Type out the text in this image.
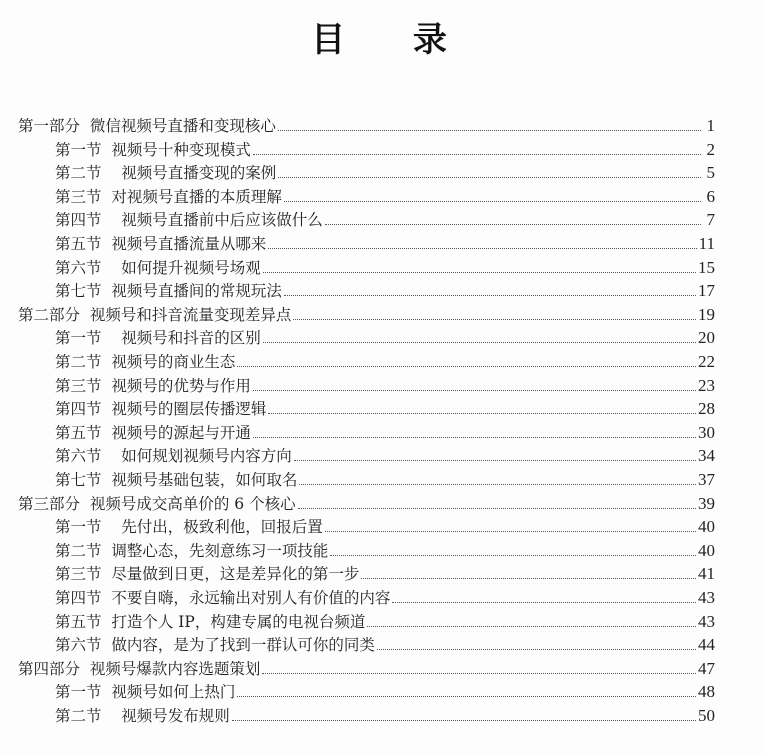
目 录
第一部分  微信视频号直播和变现核心	1
第一节  视频号十种变现模式	2
第二节    视频号直播变现的案例	5
第三节  对视频号直播的本质理解	6
第四节    视频号直播前中后应该做什么	7
第五节  视频号直播流量从哪来	11
第六节    如何提升视频号场观	15
第七节  视频号直播间的常规玩法	17
第二部分  视频号和抖音流量变现差异点	19
第一节    视频号和抖音的区别	20
第二节  视频号的商业生态	22
第三节  视频号的优势与作用	23
第四节  视频号的圈层传播逻辑	28
第五节  视频号的源起与开通	30
第六节    如何规划视频号内容方向	34
第七节  视频号基础包装，如何取名	37
第三部分  视频号成交高单价的 6 个核心	39
第一节    先付出，极致利他，回报后置	40
第二节  调整心态，先刻意练习一项技能	40
第三节  尽量做到日更，这是差异化的第一步	41
第四节  不要自嗨，永远输出对别人有价值的内容	43
第五节  打造个人 IP，构建专属的电视台频道	43
第六节  做内容，是为了找到一群认可你的同类	44
第四部分  视频号爆款内容选题策划	47
第一节  视频号如何上热门	48
第二节    视频号发布规则	50
